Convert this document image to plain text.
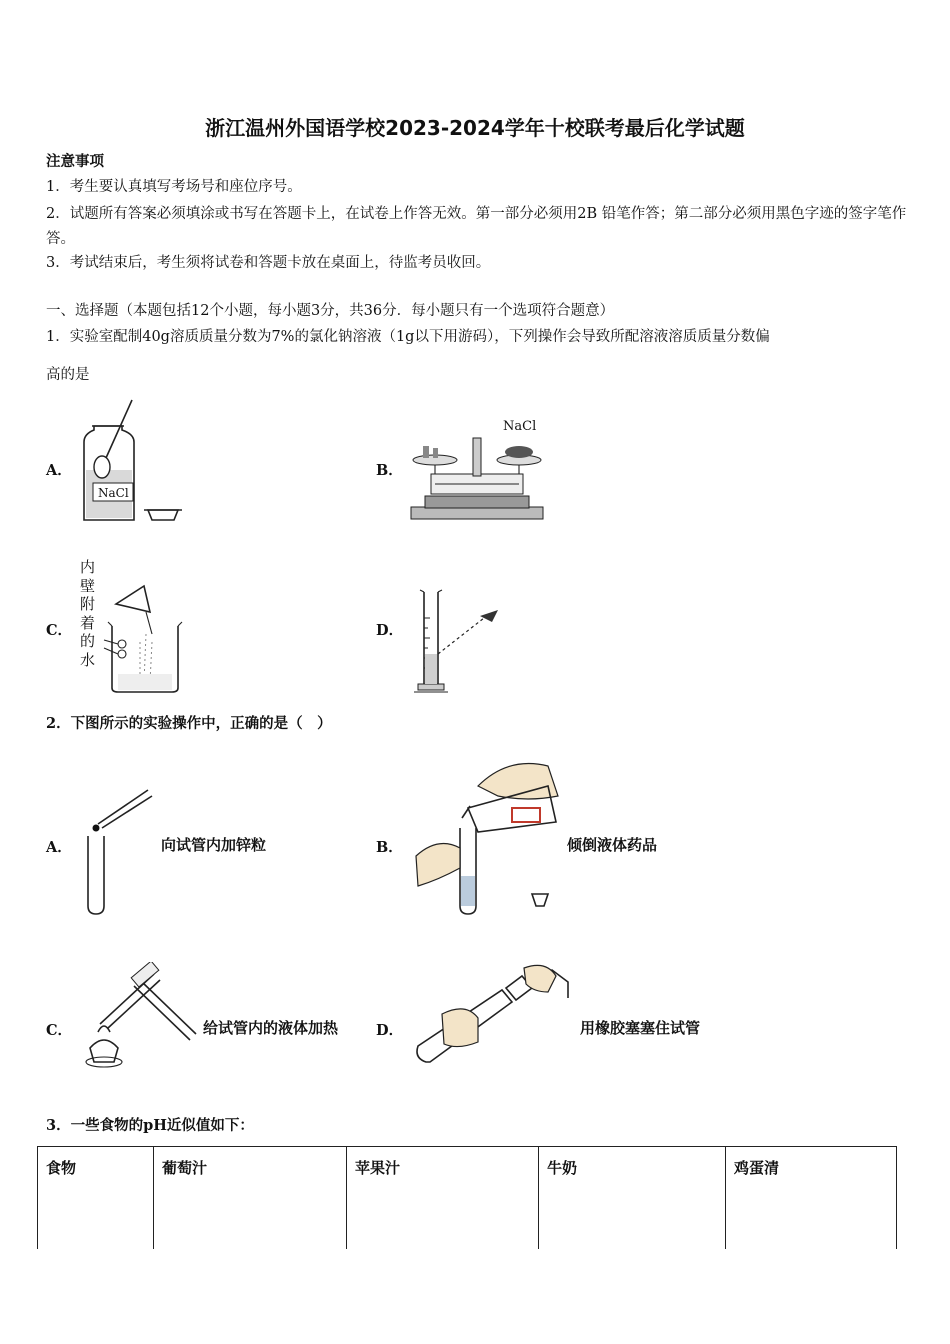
浙江温州外国语学校2023-2024学年十校联考最后化学试题
注意事项
1．考生要认真填写考场号和座位序号。
2．试题所有答案必须填涂或书写在答题卡上，在试卷上作答无效。第一部分必须用2B 铅笔作答；第二部分必须用黑色字迹的签字笔作答。
3．考试结束后，考生须将试卷和答题卡放在桌面上，待监考员收回。
一、选择题（本题包括12个小题，每小题3分，共36分．每小题只有一个选项符合题意）
1．实验室配制40g溶质质量分数为7%的氯化钠溶液（1g以下用游码），下列操作会导致所配溶液溶质质量分数偏
高的是
A．	B．
C．	D．
NaCl
NaCl
内壁附着的水
2．下图所示的实验操作中，正确的是（　）
A．	向试管内加锌粒	B．	倾倒液体药品
C．	给试管内的液体加热	D．	用橡胶塞塞住试管
3．一些食物的pH近似值如下：
食物	葡萄汁	苹果汁	牛奶	鸡蛋清
